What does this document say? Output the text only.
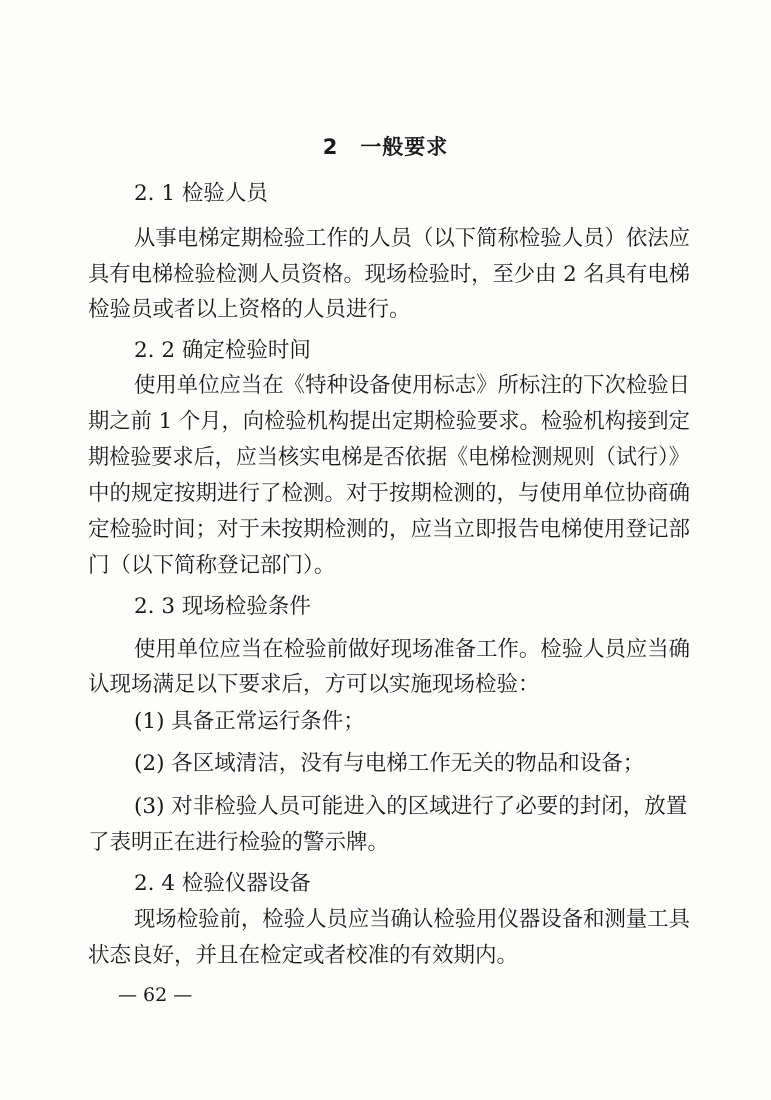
2 一般要求
2. 1 检验人员
从事电梯定期检验工作的人员（以下简称检验人员）依法应
具有电梯检验检测人员资格。现场检验时，至少由 2 名具有电梯
检验员或者以上资格的人员进行。
2. 2 确定检验时间
使用单位应当在《特种设备使用标志》所标注的下次检验日
期之前 1 个月，向检验机构提出定期检验要求。检验机构接到定
期检验要求后，应当核实电梯是否依据《电梯检测规则（试行）》
中的规定按期进行了检测。对于按期检测的，与使用单位协商确
定检验时间；对于未按期检测的，应当立即报告电梯使用登记部
门（以下简称登记部门）。
2. 3 现场检验条件
使用单位应当在检验前做好现场准备工作。检验人员应当确
认现场满足以下要求后，方可以实施现场检验：
(1) 具备正常运行条件；
(2) 各区域清洁，没有与电梯工作无关的物品和设备；
(3) 对非检验人员可能进入的区域进行了必要的封闭，放置
了表明正在进行检验的警示牌。
2. 4 检验仪器设备
现场检验前，检验人员应当确认检验用仪器设备和测量工具
状态良好，并且在检定或者校准的有效期内。
— 62 —
